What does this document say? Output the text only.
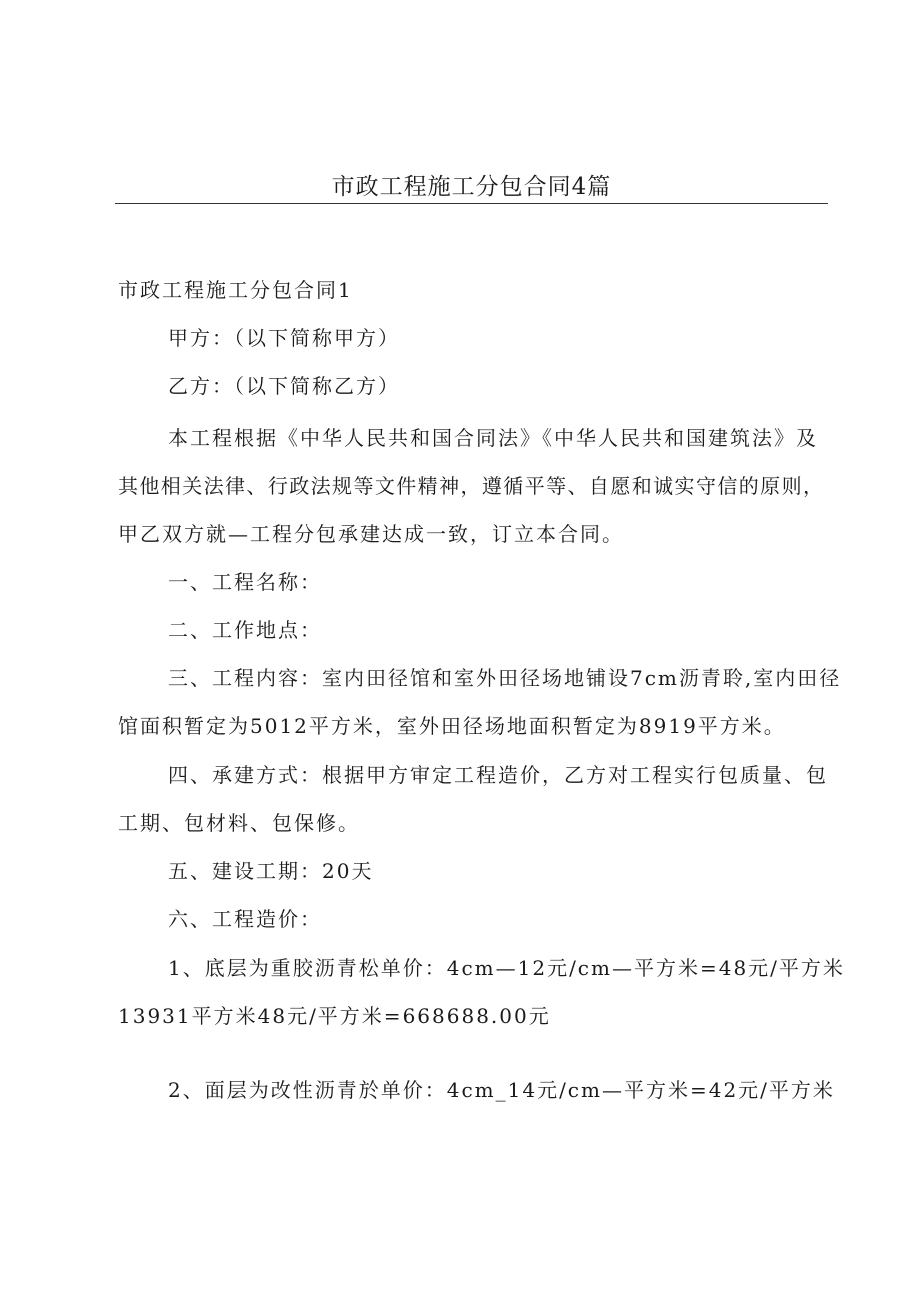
市政工程施工分包合同4篇
市政工程施工分包合同1
甲方：（以下简称甲方）
乙方：（以下简称乙方）
本工程根据《中华人民共和国合同法》《中华人民共和国建筑法》及
其他相关法律、行政法规等文件精神，遵循平等、自愿和诚实守信的原则，
甲乙双方就—工程分包承建达成一致，订立本合同。
一、工程名称：
二、工作地点：
三、工程内容：室内田径馆和室外田径场地铺设7cm沥青聆,室内田径
馆面积暂定为5012平方米，室外田径场地面积暂定为8919平方米。
四、承建方式：根据甲方审定工程造价，乙方对工程实行包质量、包
工期、包材料、包保修。
五、建设工期：20天
六、工程造价：
1、底层为重胶沥青松单价：4cm—12元/cm—平方米=48元/平方米
13931平方米48元/平方米=668688.00元
2、面层为改性沥青於单价：4cm_14元/cm—平方米=42元/平方米
